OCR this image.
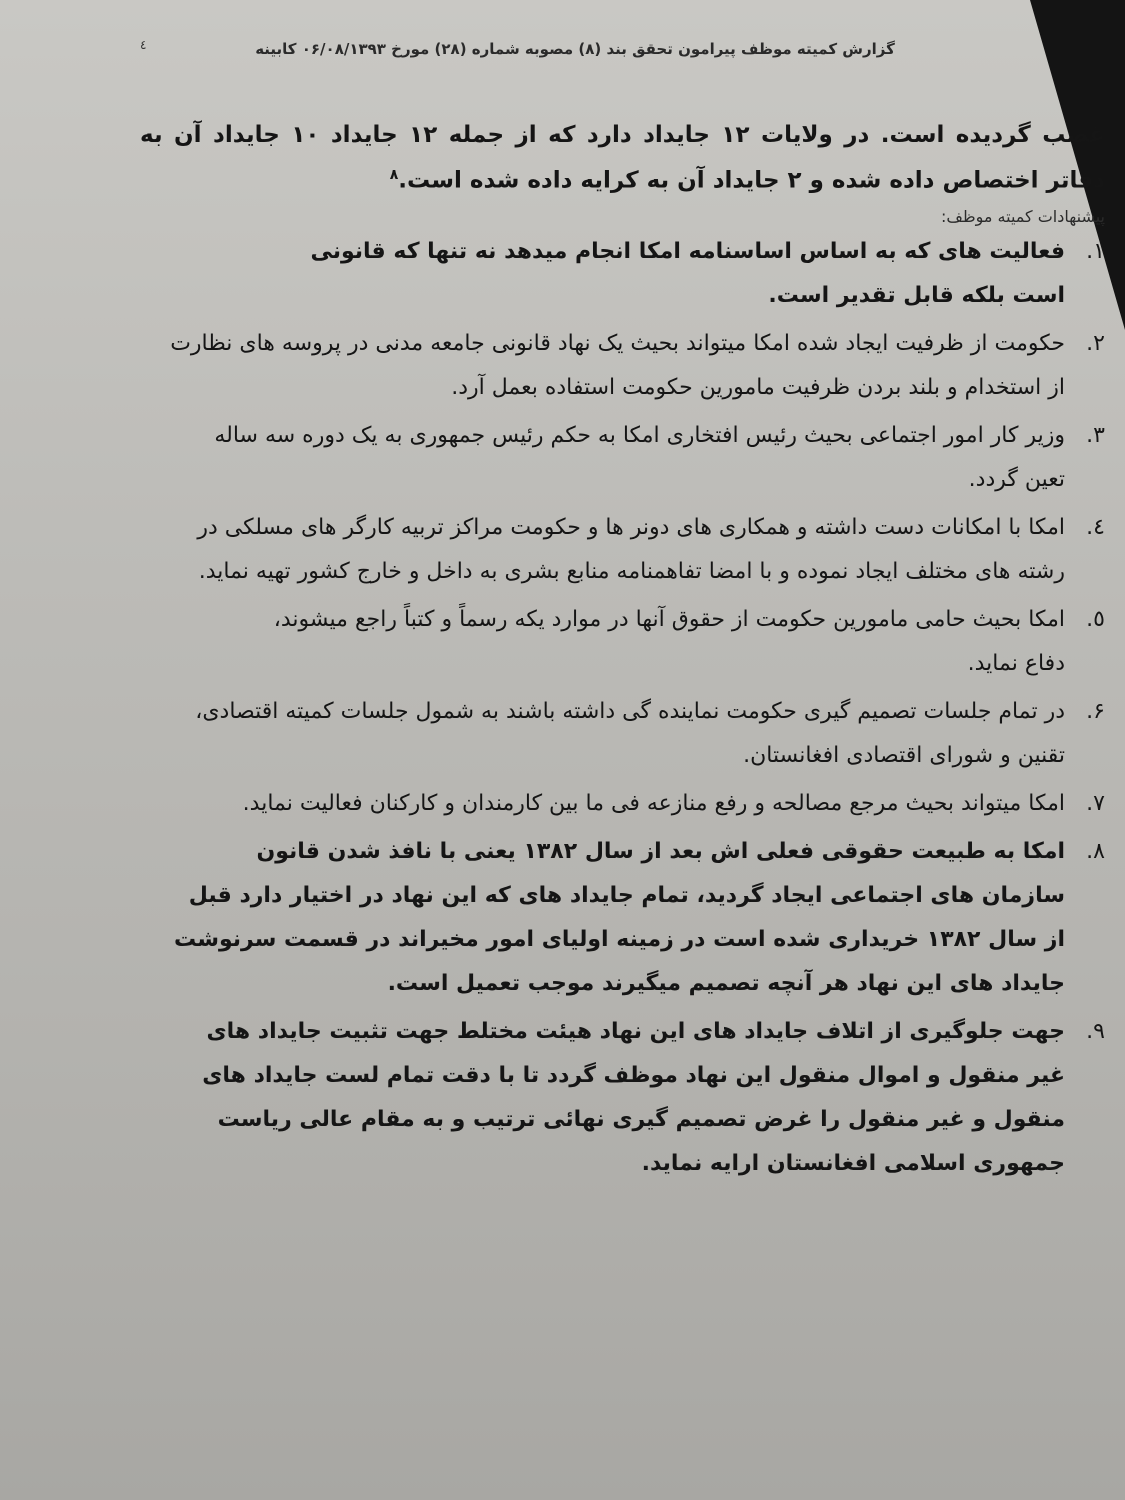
٤	گزارش کمیته موظف پیرامون تحقق بند (٨) مصوبه شماره (٢٨) مورخ ٠۶/٠٨/١٣٩٣ کابینه

غصب گردیده است. در ولایات ١٢ جایداد دارد که از جمله ١٢ جایداد ١٠ جایداد آن به دفاتر اختصاص داده شده و ٢ جایداد آن به کرایه داده شده است.$^٨$

پیشنهادات کمیته موظف:
١.
فعالیت های که به اساس اساسنامه امکا انجام میدهد نه تنها که قانونی است بلکه قابل تقدیر است.
٢.
حکومت از ظرفیت ایجاد شده امکا میتواند بحیث یک نهاد قانونی جامعه مدنی در پروسه های نظارت از استخدام و بلند بردن ظرفیت مامورین حکومت استفاده بعمل آرد.
٣.
وزیر کار امور اجتماعی بحیث رئیس افتخاری امکا به حکم رئیس جمهوری به یک دوره سه ساله تعین گردد.
٤.
امکا با امکانات دست داشته و همکاری های دونر ها و حکومت مراکز تربیه کارگر های مسلکی در رشته های مختلف ایجاد نموده و با امضا تفاهمنامه منابع بشری به داخل و خارج کشور تهیه نماید.
٥.
امکا بحیث حامی مامورین حکومت از حقوق آنها در موارد یکه رسماً و کتباً راجع میشوند، دفاع نماید.
۶.
در تمام جلسات تصمیم گیری حکومت نماینده گی داشته باشند به شمول جلسات کمیته اقتصادی، تقنین و شورای اقتصادی افغانستان.
٧.
امکا میتواند بحیث مرجع مصالحه و رفع منازعه فی ما بین کارمندان و کارکنان فعالیت نماید.
٨.
امکا به طبیعت حقوقی فعلی اش بعد از سال ١٣٨٢ یعنی با نافذ شدن قانون سازمان های اجتماعی ایجاد گردید، تمام جایداد های که این نهاد در اختیار دارد قبل از سال ١٣٨٢ خریداری شده است در زمینه اولیای امور مخیراند در قسمت سرنوشت جایداد های این نهاد هر آنچه تصمیم میگیرند موجب تعمیل است.
٩.
جهت جلوگیری از اتلاف جایداد های این نهاد هیئت مختلط جهت تثبیت جایداد های غیر منقول و اموال منقول این نهاد موظف گردد تا با دقت تمام لست جایداد های منقول و غیر منقول را غرض تصمیم گیری نهائی ترتیب و به مقام عالی ریاست جمهوری اسلامی افغانستان ارایه نماید.
